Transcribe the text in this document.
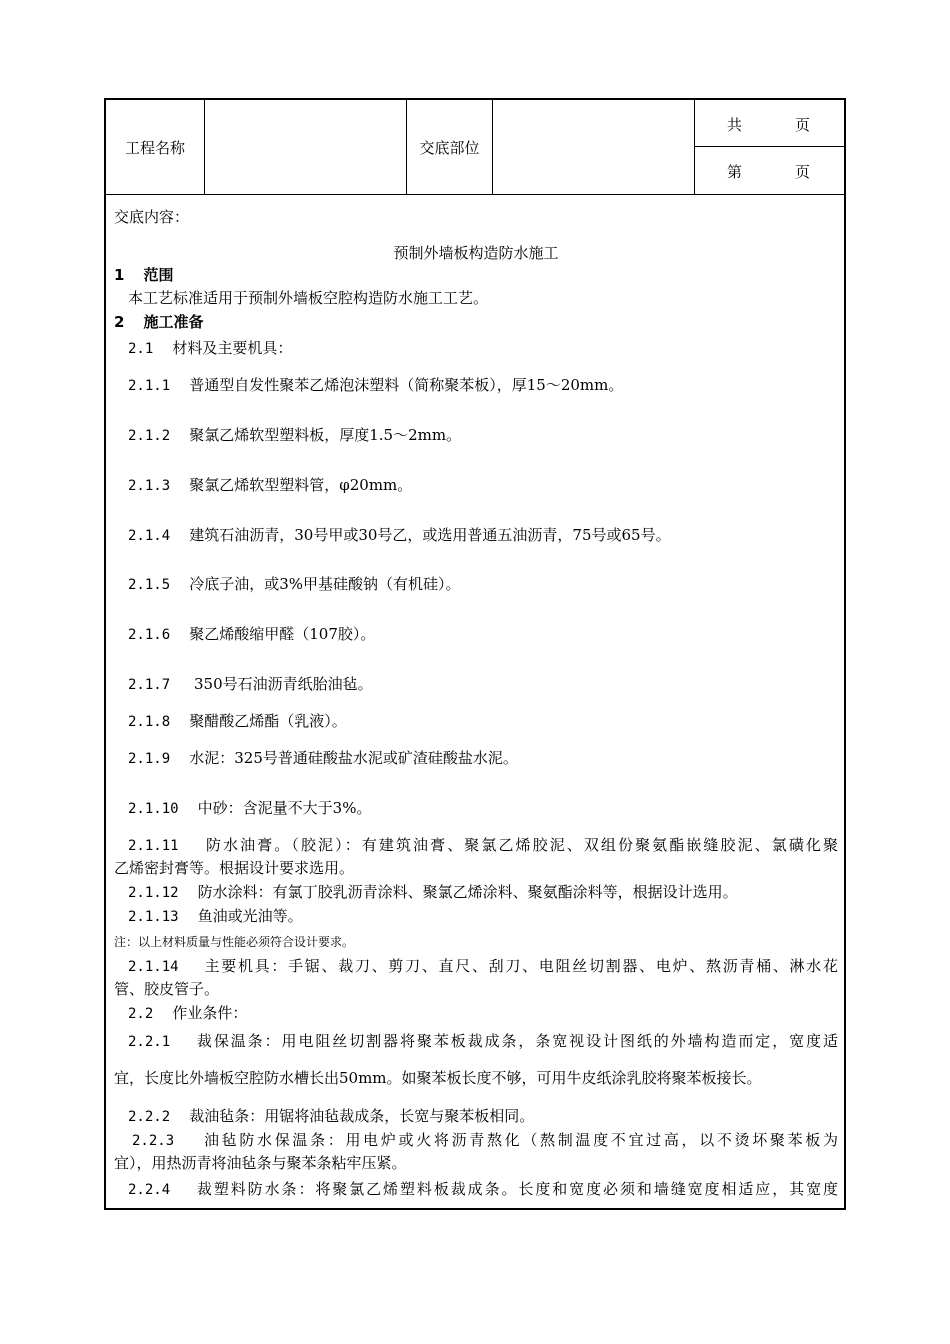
工程名称	交底部位
共	页
第	页
交底内容：
预制外墙板构造防水施工
1 范围
本工艺标准适用于预制外墙板空腔构造防水施工工艺。
2 施工准备
2.1 材料及主要机具：
2.1.1 普通型自发性聚苯乙烯泡沫塑料（简称聚苯板），厚15～20mm。
2.1.2 聚氯乙烯软型塑料板，厚度1.5～2mm。
2.1.3 聚氯乙烯软型塑料管，φ20mm。
2.1.4 建筑石油沥青，30号甲或30号乙，或选用普通五油沥青，75号或65号。
2.1.5 冷底子油，或3%甲基硅酸钠（有机硅）。
2.1.6 聚乙烯酸缩甲醛（107胶）。
2.1.7 350号石油沥青纸胎油毡。
2.1.8 聚醋酸乙烯酯（乳液）。
2.1.9 水泥：325号普通硅酸盐水泥或矿渣硅酸盐水泥。
2.1.10 中砂：含泥量不大于3%。
2.1.11 防水油膏。（胶泥）：有建筑油膏、聚氯乙烯胶泥、双组份聚氨酯嵌缝胶泥、氯磺化聚
乙烯密封膏等。根据设计要求选用。
2.1.12 防水涂料：有氯丁胶乳沥青涂料、聚氯乙烯涂料、聚氨酯涂料等，根据设计选用。
2.1.13 鱼油或光油等。
注：以上材料质量与性能必须符合设计要求。
2.1.14 主要机具：手锯、裁刀、剪刀、直尺、刮刀、电阻丝切割器、电炉、熬沥青桶、淋水花
管、胶皮管子。
2.2 作业条件：
2.2.1 裁保温条：用电阻丝切割器将聚苯板裁成条，条宽视设计图纸的外墙构造而定，宽度适
宜，长度比外墙板空腔防水槽长出50mm。如聚苯板长度不够，可用牛皮纸涂乳胶将聚苯板接长。
2.2.2 裁油毡条：用锯将油毡裁成条，长宽与聚苯板相同。
2.2.3 油毡防水保温条：用电炉或火将沥青熬化（熬制温度不宜过高，以不烫坏聚苯板为
宜），用热沥青将油毡条与聚苯条粘牢压紧。
2.2.4 裁塑料防水条：将聚氯乙烯塑料板裁成条。长度和宽度必须和墙缝宽度相适应，其宽度
